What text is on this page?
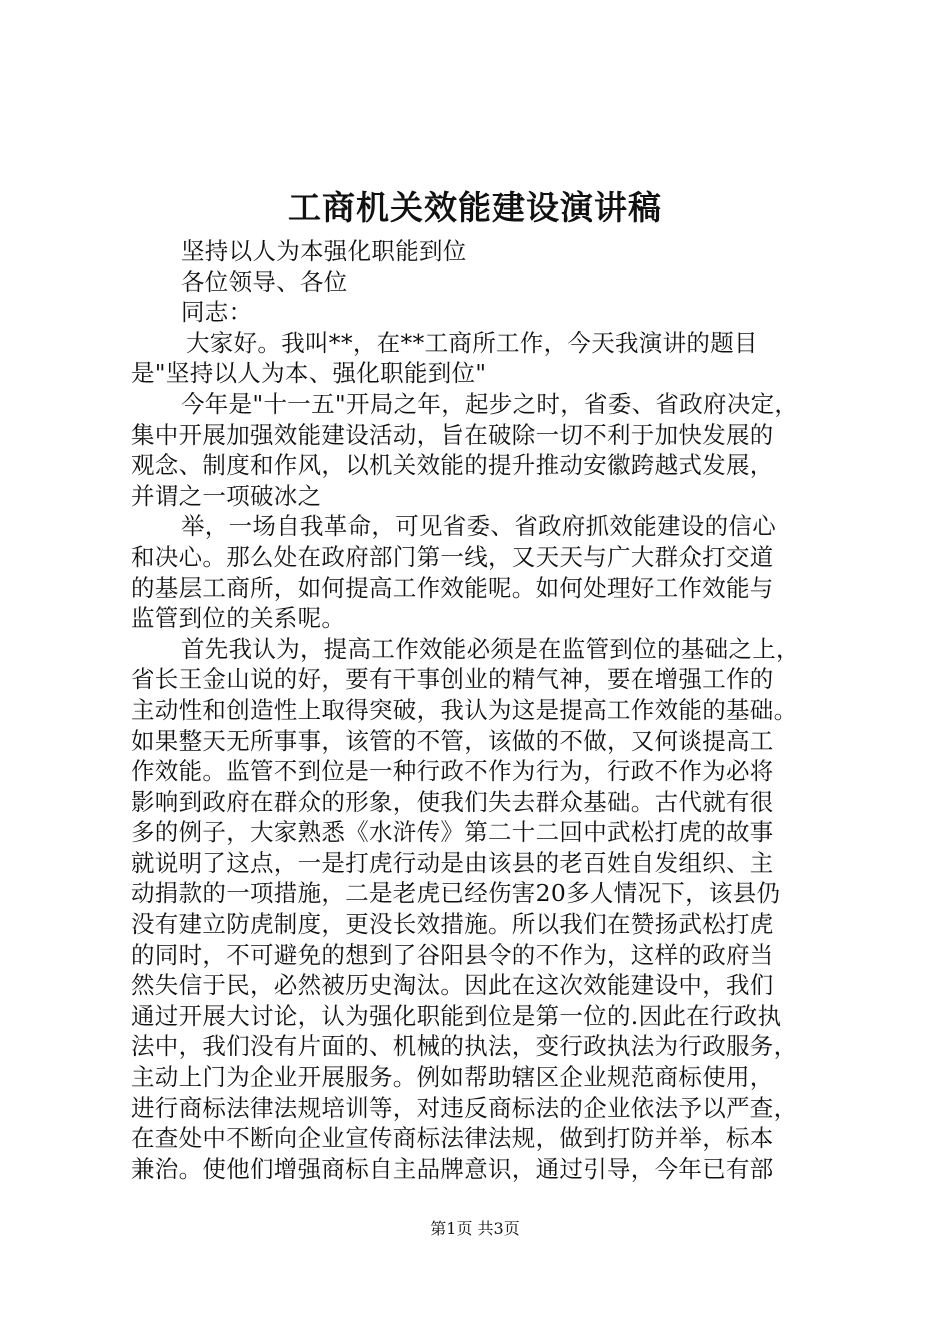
工商机关效能建设演讲稿
坚持以人为本强化职能到位
各位领导、各位
同志：
大家好。我叫**，在**工商所工作，今天我演讲的题目
是"坚持以人为本、强化职能到位"
今年是"十一五"开局之年，起步之时，省委、省政府决定，
集中开展加强效能建设活动，旨在破除一切不利于加快发展的
观念、制度和作风，以机关效能的提升推动安徽跨越式发展，
并谓之一项破冰之
举，一场自我革命，可见省委、省政府抓效能建设的信心
和决心。那么处在政府部门第一线，又天天与广大群众打交道
的基层工商所，如何提高工作效能呢。如何处理好工作效能与
监管到位的关系呢。
首先我认为，提高工作效能必须是在监管到位的基础之上，
省长王金山说的好，要有干事创业的精气神，要在增强工作的
主动性和创造性上取得突破，我认为这是提高工作效能的基础。
如果整天无所事事，该管的不管，该做的不做，又何谈提高工
作效能。监管不到位是一种行政不作为行为，行政不作为必将
影响到政府在群众的形象，使我们失去群众基础。古代就有很
多的例子，大家熟悉《水浒传》第二十二回中武松打虎的故事
就说明了这点，一是打虎行动是由该县的老百姓自发组织、主
动捐款的一项措施，二是老虎已经伤害20多人情况下，该县仍
没有建立防虎制度，更没长效措施。所以我们在赞扬武松打虎
的同时，不可避免的想到了谷阳县令的不作为，这样的政府当
然失信于民，必然被历史淘汰。因此在这次效能建设中，我们
通过开展大讨论，认为强化职能到位是第一位的.因此在行政执
法中，我们没有片面的、机械的执法，变行政执法为行政服务，
主动上门为企业开展服务。例如帮助辖区企业规范商标使用，
进行商标法律法规培训等，对违反商标法的企业依法予以严查，
在查处中不断向企业宣传商标法律法规，做到打防并举，标本
兼治。使他们增强商标自主品牌意识，通过引导，今年已有部
第1页 共3页
